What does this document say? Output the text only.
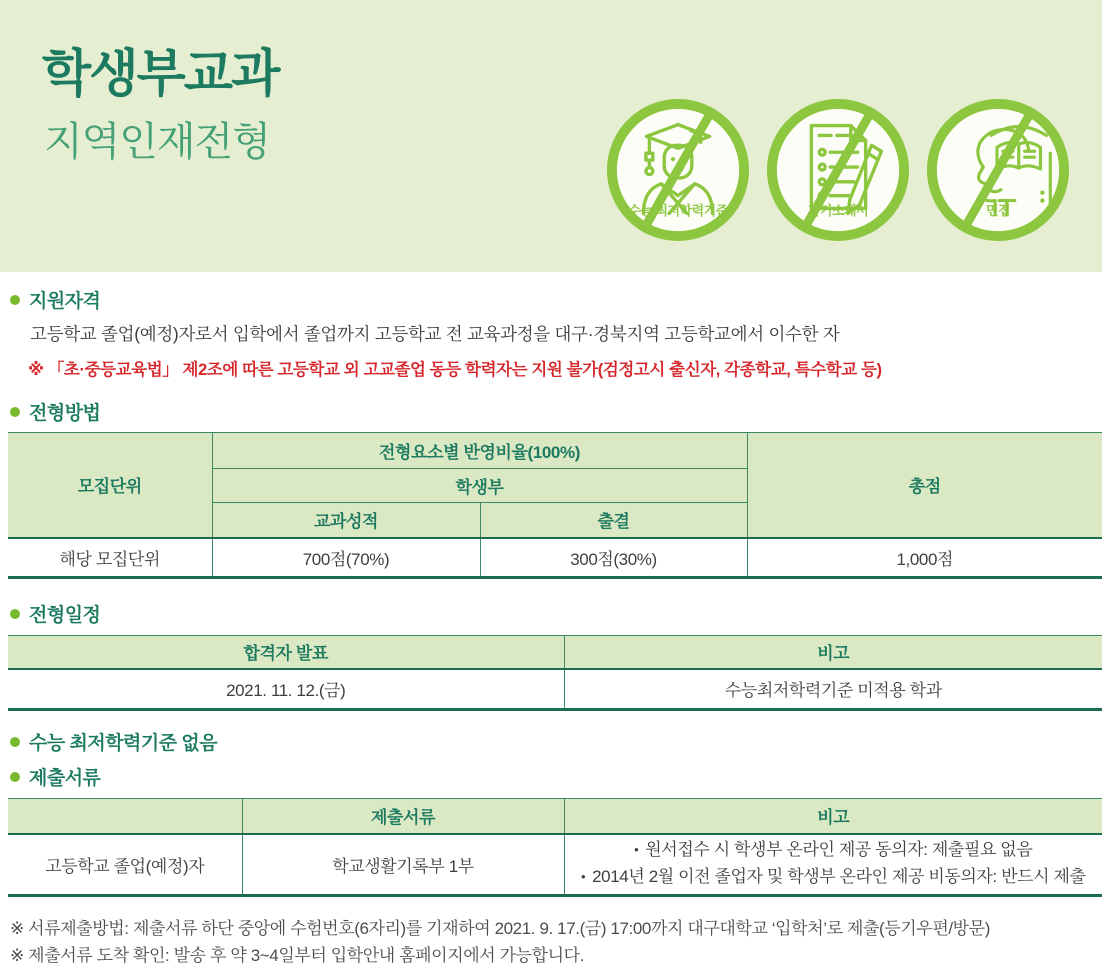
학생부교과
지역인재전형
수능 최저학력기준	자기소개서	면접
지원자격
고등학교 졸업(예정)자로서 입학에서 졸업까지 고등학교 전 교육과정을 대구·경북지역 고등학교에서 이수한 자
※ 「초·중등교육법」 제2조에 따른 고등학교 외 고교졸업 동등 학력자는 지원 불가(검정고시 출신자, 각종학교, 특수학교 등)
전형방법
모집단위	전형요소별 반영비율(100%)		총점
	학생부		
	교과성적	출결	
해당 모집단위	700점(70%)	300점(30%)	1,000점
전형일정
합격자 발표	비고
2021. 11. 12.(금)	수능최저학력기준 미적용 학과
수능 최저학력기준 없음
제출서류
	제출서류	비고
고등학교 졸업(예정)자	학교생활기록부 1부	• 원서접수 시 학생부 온라인 제공 동의자: 제출필요 없음
• 2014년 2월 이전 졸업자 및 학생부 온라인 제공 비동의자: 반드시 제출
※ 서류제출방법: 제출서류 하단 중앙에 수험번호(6자리)를 기재하여 2021. 9. 17.(금) 17:00까지 대구대학교 ‘입학처’로 제출(등기우편/방문)
※ 제출서류 도착 확인: 발송 후 약 3~4일부터 입학안내 홈페이지에서 가능합니다.
